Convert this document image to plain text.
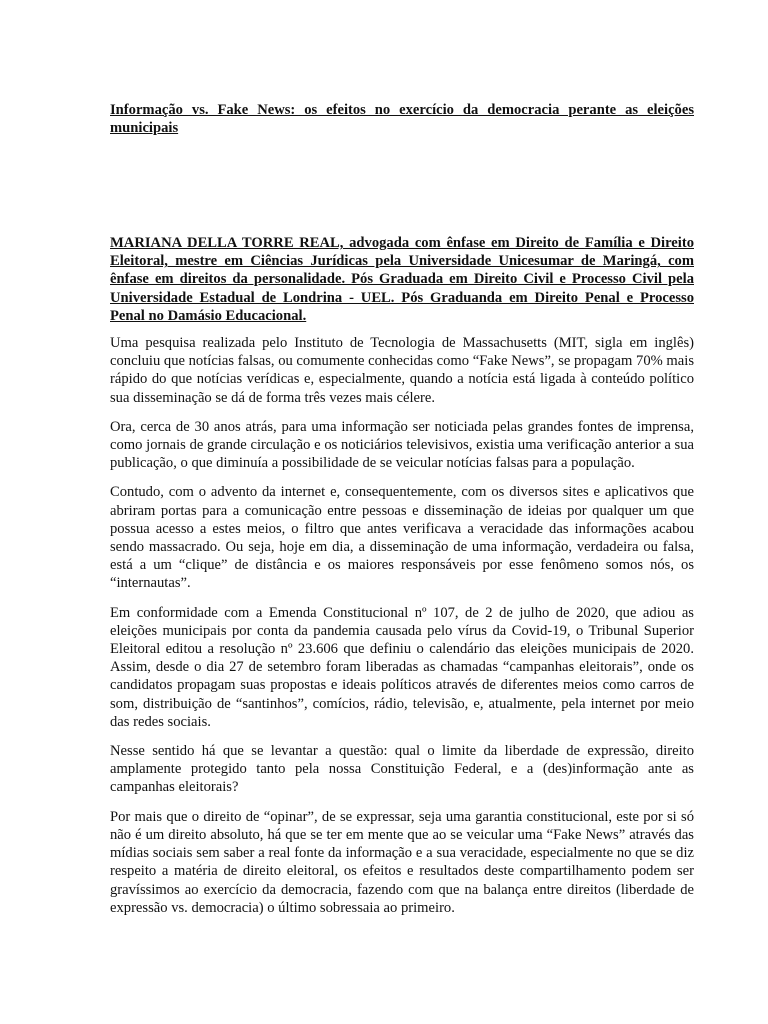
Informação vs. Fake News: os efeitos no exercício da democracia perante as eleições municipais

MARIANA DELLA TORRE REAL, advogada com ênfase em Direito de Família e Direito Eleitoral, mestre em Ciências Jurídicas pela Universidade Unicesumar de Maringá, com ênfase em direitos da personalidade. Pós Graduada em Direito Civil e Processo Civil pela Universidade Estadual de Londrina - UEL. Pós Graduanda em Direito Penal e Processo Penal no Damásio Educacional.

Uma pesquisa realizada pelo Instituto de Tecnologia de Massachusetts (MIT, sigla em inglês) concluiu que notícias falsas, ou comumente conhecidas como “Fake News”, se propagam 70% mais rápido do que notícias verídicas e, especialmente, quando a notícia está ligada à conteúdo político sua disseminação se dá de forma três vezes mais célere.

Ora, cerca de 30 anos atrás, para uma informação ser noticiada pelas grandes fontes de imprensa, como jornais de grande circulação e os noticiários televisivos, existia uma verificação anterior a sua publicação, o que diminuía a possibilidade de se veicular notícias falsas para a população.

Contudo, com o advento da internet e, consequentemente, com os diversos sites e aplicativos que abriram portas para a comunicação entre pessoas e disseminação de ideias por qualquer um que possua acesso a estes meios, o filtro que antes verificava a veracidade das informações acabou sendo massacrado. Ou seja, hoje em dia, a disseminação de uma informação, verdadeira ou falsa, está a um “clique” de distância e os maiores responsáveis por esse fenômeno somos nós, os “internautas”.

Em conformidade com a Emenda Constitucional nº 107, de 2 de julho de 2020, que adiou as eleições municipais por conta da pandemia causada pelo vírus da Covid-19, o Tribunal Superior Eleitoral editou a resolução nº 23.606 que definiu o calendário das eleições municipais de 2020. Assim, desde o dia 27 de setembro foram liberadas as chamadas “campanhas eleitorais”, onde os candidatos propagam suas propostas e ideais políticos através de diferentes meios como carros de som, distribuição de “santinhos”, comícios, rádio, televisão, e, atualmente, pela internet por meio das redes sociais.

Nesse sentido há que se levantar a questão: qual o limite da liberdade de expressão, direito amplamente protegido tanto pela nossa Constituição Federal, e a (des)informação ante as campanhas eleitorais?

Por mais que o direito de “opinar”, de se expressar, seja uma garantia constitucional, este por si só não é um direito absoluto, há que se ter em mente que ao se veicular uma “Fake News” através das mídias sociais sem saber a real fonte da informação e a sua veracidade, especialmente no que se diz respeito a matéria de direito eleitoral, os efeitos e resultados deste compartilhamento podem ser gravíssimos ao exercício da democracia, fazendo com que na balança entre direitos (liberdade de expressão vs. democracia) o último sobressaia ao primeiro.
